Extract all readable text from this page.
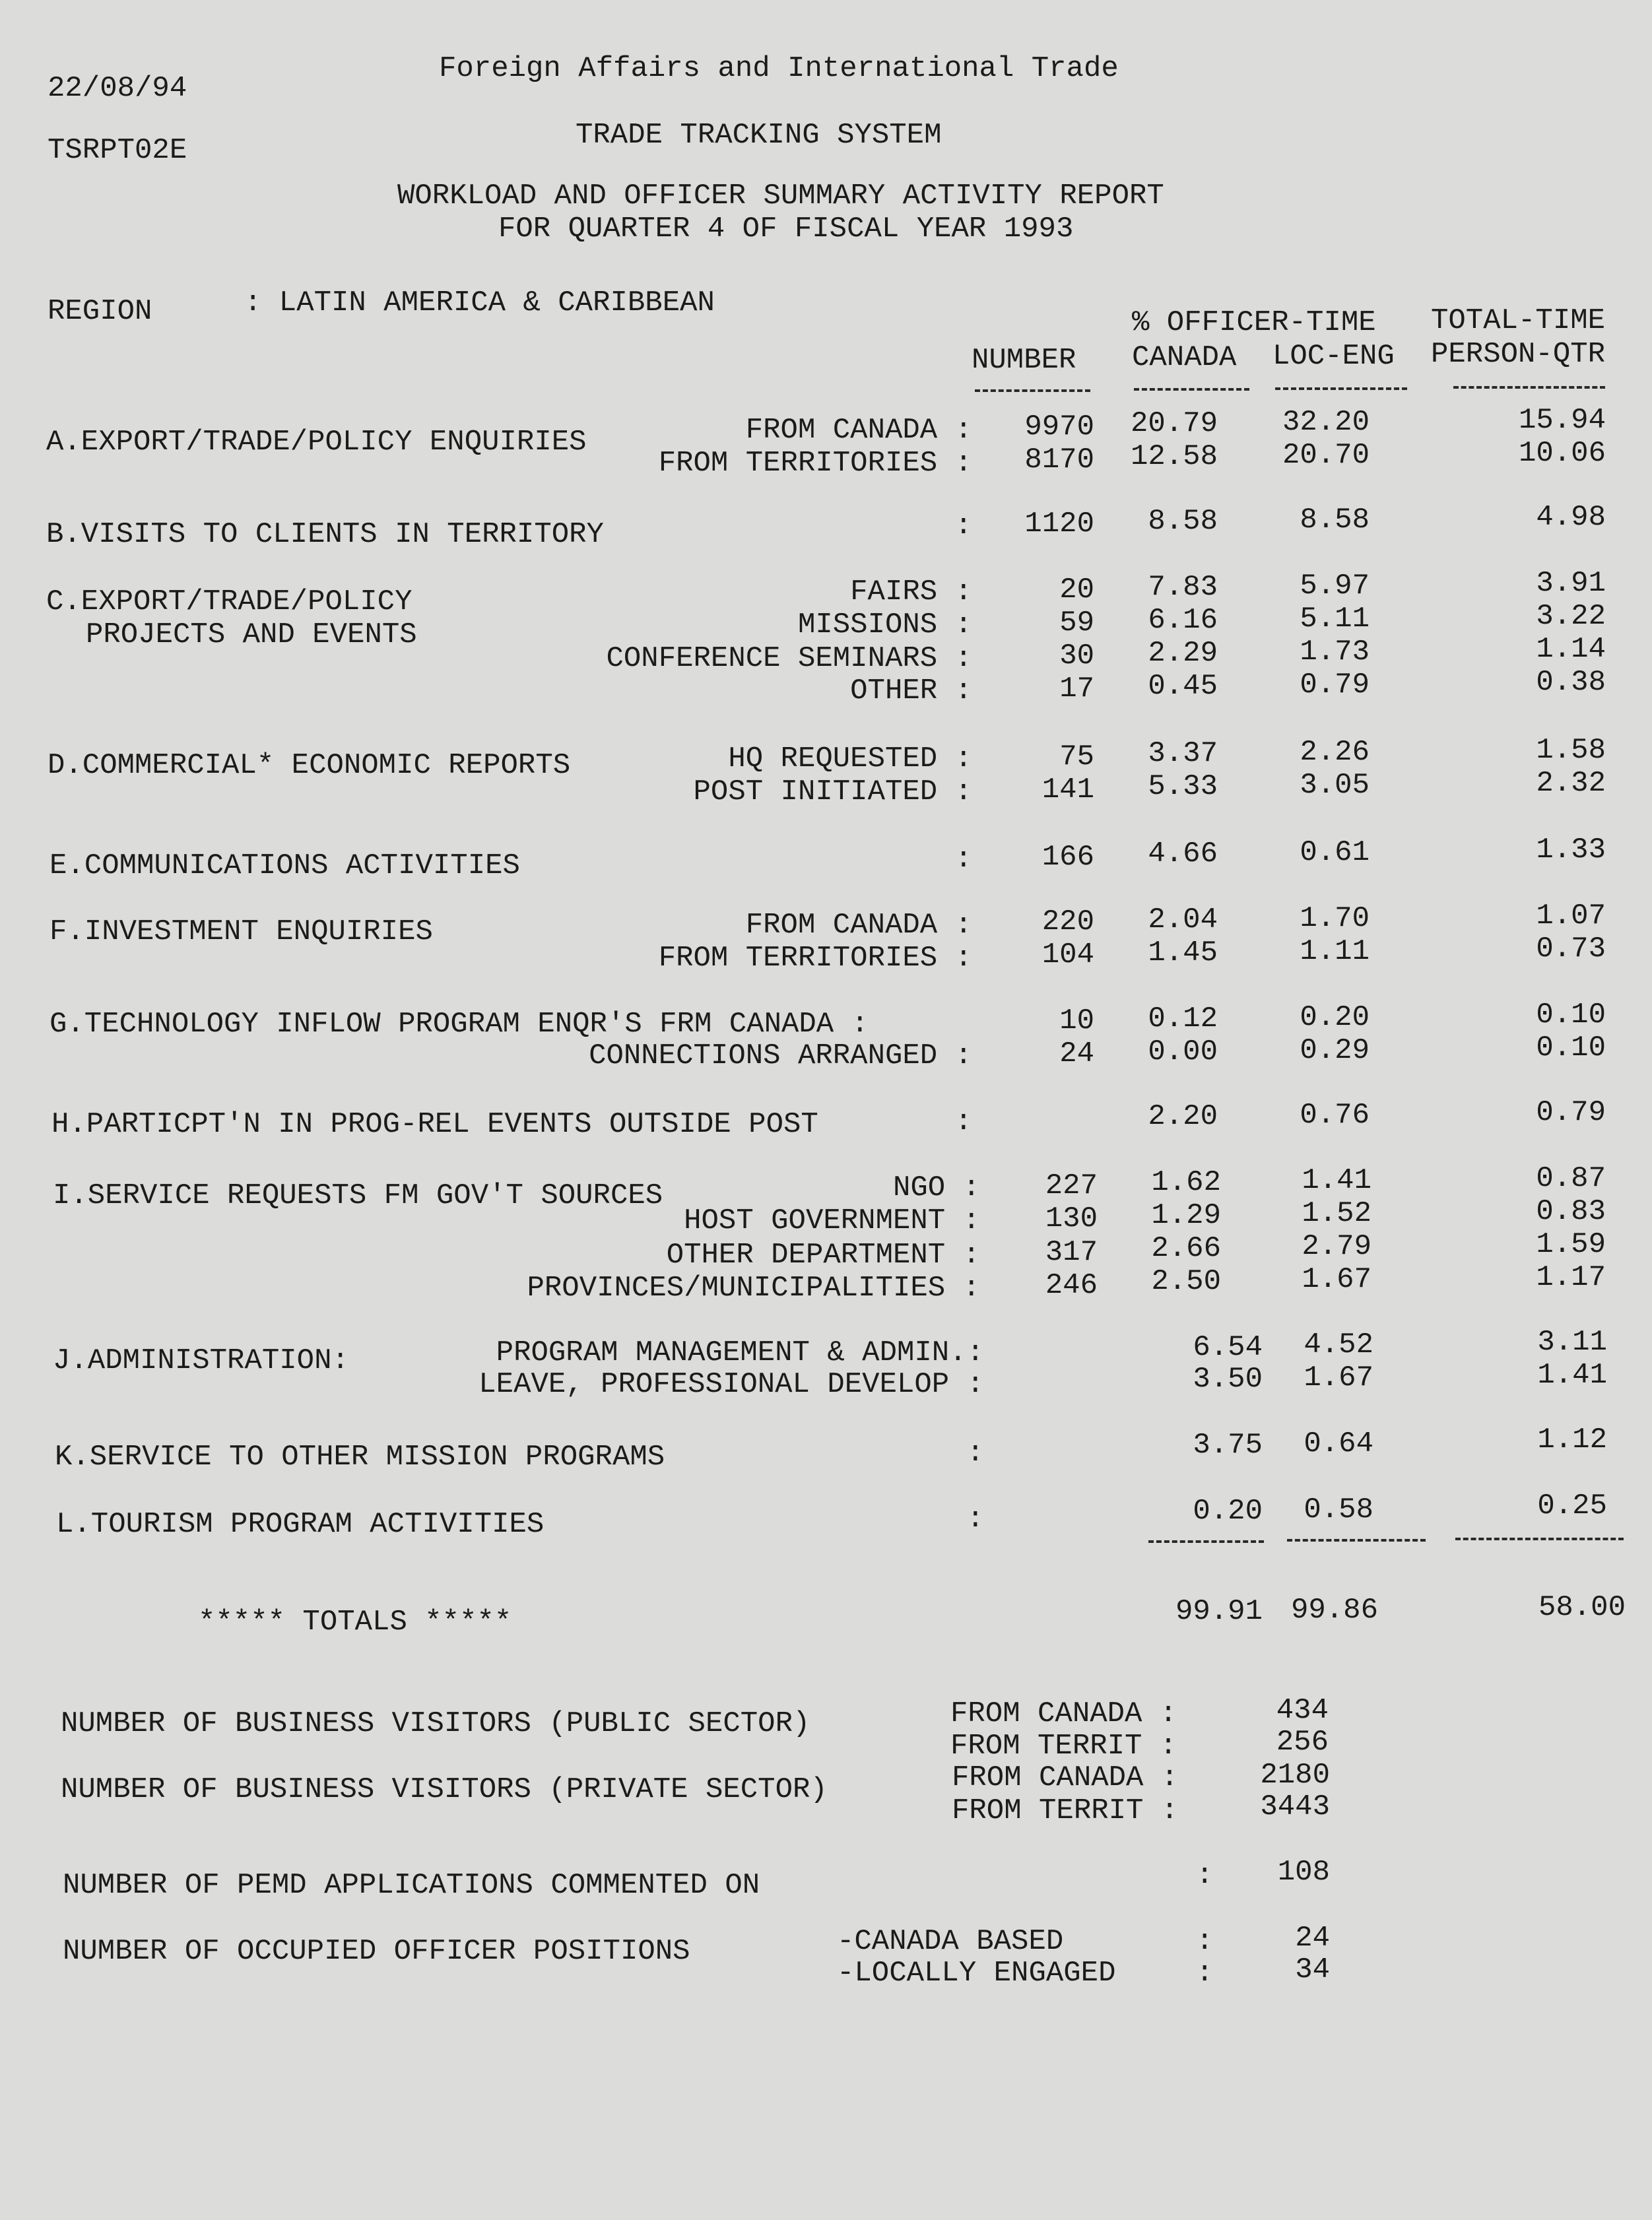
22/08/94
Foreign Affairs and International Trade
TSRPT02E	TRADE TRACKING SYSTEM
WORKLOAD AND OFFICER SUMMARY ACTIVITY REPORT
FOR QUARTER 4 OF FISCAL YEAR 1993
REGION	: LATIN AMERICA & CARIBBEAN
% OFFICER-TIME TOTAL-TIME
NUMBER CANADA LOC-ENG PERSON-QTR
A.EXPORT/TRADE/POLICY ENQUIRIES	FROM CANADA : 9970 20.79 32.20	15.94
FROM TERRITORIES : 8170 12.58 20.70	10.06
B.VISITS TO CLIENTS IN TERRITORY	: 1120 8.58	8.58	4.98
C.EXPORT/TRADE/POLICY
PROJECTS AND EVENTS
FAIRS :	20 7.83	5.97	3.91
MISSIONS :	59 6.16	5.11	3.22
CONFERENCE SEMINARS :	30 2.29	1.73	1.14
OTHER :	17 0.45	0.79	0.38
D.COMMERCIAL* ECONOMIC REPORTS	HQ REQUESTED :	75 3.37	2.26	1.58
POST INITIATED : 141 5.33	3.05	2.32
E.COMMUNICATIONS ACTIVITIES	: 166 4.66	0.61	1.33
F.INVESTMENT ENQUIRIES	FROM CANADA : 220 2.04	1.70	1.07
FROM TERRITORIES : 104 1.45	1.11	0.73
G.TECHNOLOGY INFLOW PROGRAM ENQR'S FRM CANADA :	10 0.12	0.20	0.10
CONNECTIONS ARRANGED :	24 0.00	0.29	0.10
H.PARTICPT'N IN PROG-REL EVENTS OUTSIDE POST	:	2.20	0.76	0.79
I.SERVICE REQUESTS FM GOV'T SOURCES	NGO : 227 1.62	1.41	0.87
HOST GOVERNMENT : 130 1.29	1.52	0.83
OTHER DEPARTMENT : 317 2.66	2.79	1.59
PROVINCES/MUNICIPALITIES : 246 2.50	1.67	1.17
J.ADMINISTRATION:	PROGRAM MANAGEMENT & ADMIN.:	6.54 4.52	3.11
LEAVE, PROFESSIONAL DEVELOP :	3.50 1.67	1.41
K.SERVICE TO OTHER MISSION PROGRAMS	:	3.75 0.64	1.12
L.TOURISM PROGRAM ACTIVITIES	:	0.20 0.58	0.25
***** TOTALS *****	99.91 99.86	58.00
NUMBER OF BUSINESS VISITORS (PUBLIC SECTOR)	FROM CANADA :	434
FROM TERRIT :	256
NUMBER OF BUSINESS VISITORS (PRIVATE SECTOR)	FROM CANADA :	2180
FROM TERRIT :	3443
NUMBER OF PEMD APPLICATIONS COMMENTED ON	: 108
NUMBER OF OCCUPIED OFFICER POSITIONS	-CANADA BASED	:	24
-LOCALLY ENGAGED	:	34
